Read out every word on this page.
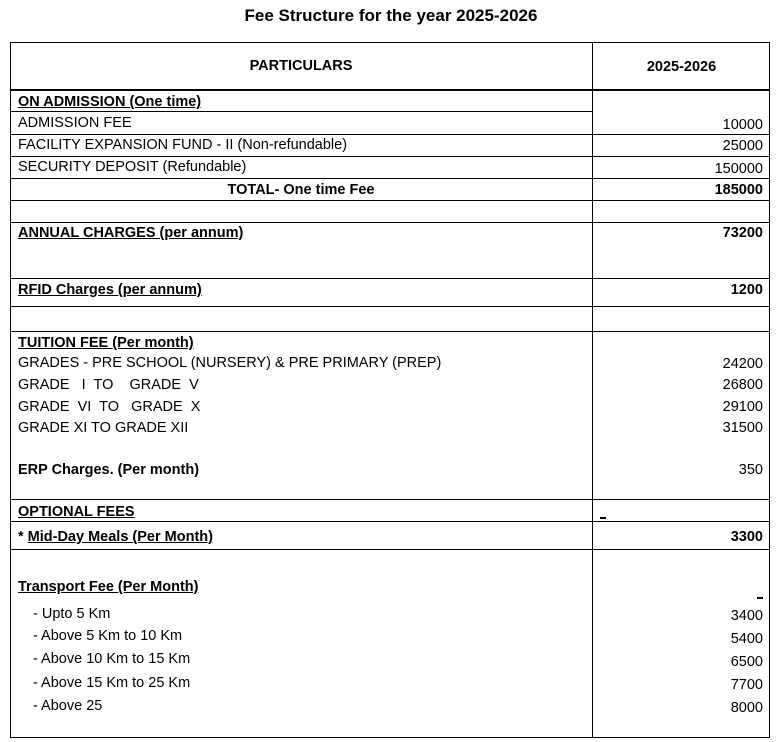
Fee Structure for the year 2025-2026
PARTICULARS	2025-2026
ON ADMISSION (One time)
ADMISSION FEE	10000
FACILITY EXPANSION FUND - II (Non-refundable)	25000
SECURITY DEPOSIT (Refundable)	150000
TOTAL- One time Fee	185000
ANNUAL CHARGES (per annum)	73200
RFID Charges (per annum)	1200
TUITION FEE (Per month)
GRADES - PRE SCHOOL (NURSERY) & PRE PRIMARY (PREP)	24200
GRADE   I  TO    GRADE  V	26800
GRADE  VI  TO   GRADE  X	29100
GRADE XI TO GRADE XII	31500
ERP Charges. (Per month)	350
OPTIONAL FEES
* Mid-Day Meals (Per Month)	3300
Transport Fee (Per Month)
- Upto 5 Km	3400
- Above 5 Km to 10 Km	5400
- Above 10 Km to 15 Km	6500
- Above 15 Km to 25 Km	7700
- Above 25	8000
